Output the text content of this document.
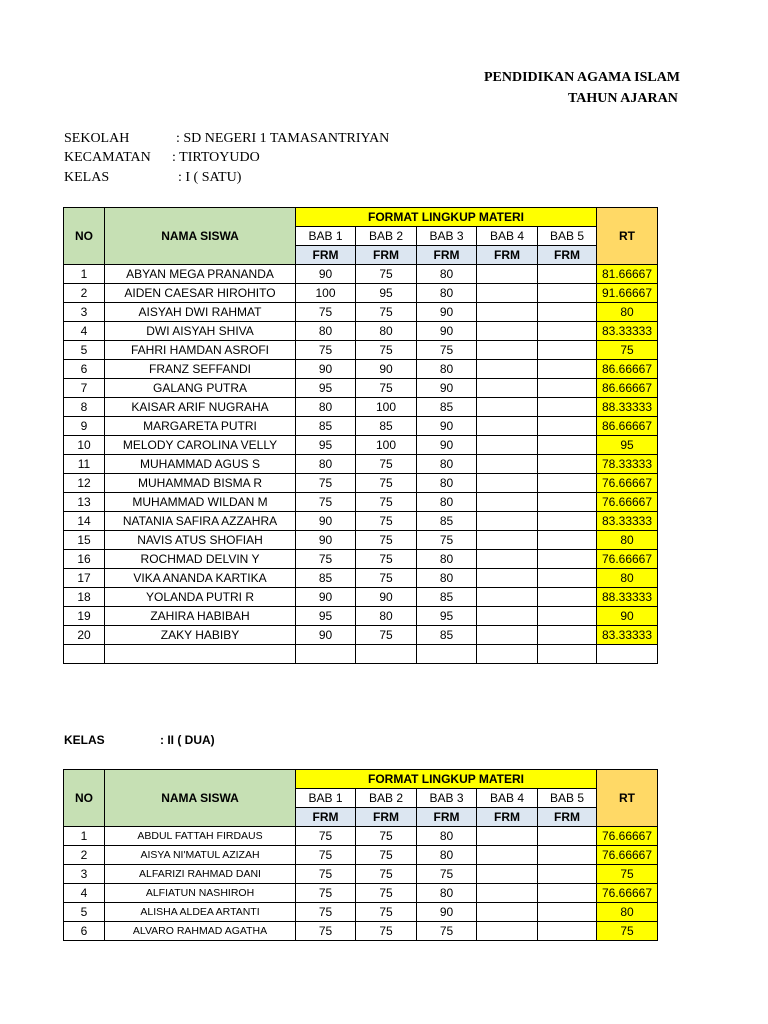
PENDIDIKAN AGAMA ISLAM
TAHUN AJARAN
SEKOLAH	: SD NEGERI 1 TAMASANTRIYAN
KECAMATAN : TIRTOYUDO
KELAS	: I ( SATU)
NO	NAMA SISWA	FORMAT LINGKUP MATERI					RT
		BAB 1	BAB 2	BAB 3	BAB 4	BAB 5	
		FRM	FRM	FRM	FRM	FRM	
1	ABYAN MEGA PRANANDA	90	75	80			81.66667
2	AIDEN CAESAR HIROHITO	100	95	80			91.66667
3	AISYAH DWI RAHMAT	75	75	90			80
4	DWI AISYAH SHIVA	80	80	90			83.33333
5	FAHRI HAMDAN ASROFI	75	75	75			75
6	FRANZ SEFFANDI	90	90	80			86.66667
7	GALANG PUTRA	95	75	90			86.66667
8	KAISAR ARIF NUGRAHA	80	100	85			88.33333
9	MARGARETA PUTRI	85	85	90			86.66667
10	MELODY CAROLINA VELLY	95	100	90			95
11	MUHAMMAD AGUS S	80	75	80			78.33333
12	MUHAMMAD BISMA R	75	75	80			76.66667
13	MUHAMMAD WILDAN M	75	75	80			76.66667
14	NATANIA SAFIRA AZZAHRA	90	75	85			83.33333
15	NAVIS ATUS SHOFIAH	90	75	75			80
16	ROCHMAD DELVIN Y	75	75	80			76.66667
17	VIKA ANANDA KARTIKA	85	75	80			80
18	YOLANDA PUTRI R	90	90	85			88.33333
19	ZAHIRA HABIBAH	95	80	95			90
20	ZAKY HABIBY	90	75	85			83.33333

KELAS	: II ( DUA)
NO	NAMA SISWA	FORMAT LINGKUP MATERI					RT
		BAB 1	BAB 2	BAB 3	BAB 4	BAB 5	
		FRM	FRM	FRM	FRM	FRM	
1	ABDUL FATTAH FIRDAUS	75	75	80			76.66667
2	AISYA NI'MATUL AZIZAH	75	75	80			76.66667
3	ALFARIZI RAHMAD DANI	75	75	75			75
4	ALFIATUN NASHIROH	75	75	80			76.66667
5	ALISHA ALDEA ARTANTI	75	75	90			80
6	ALVARO RAHMAD AGATHA	75	75	75			75
